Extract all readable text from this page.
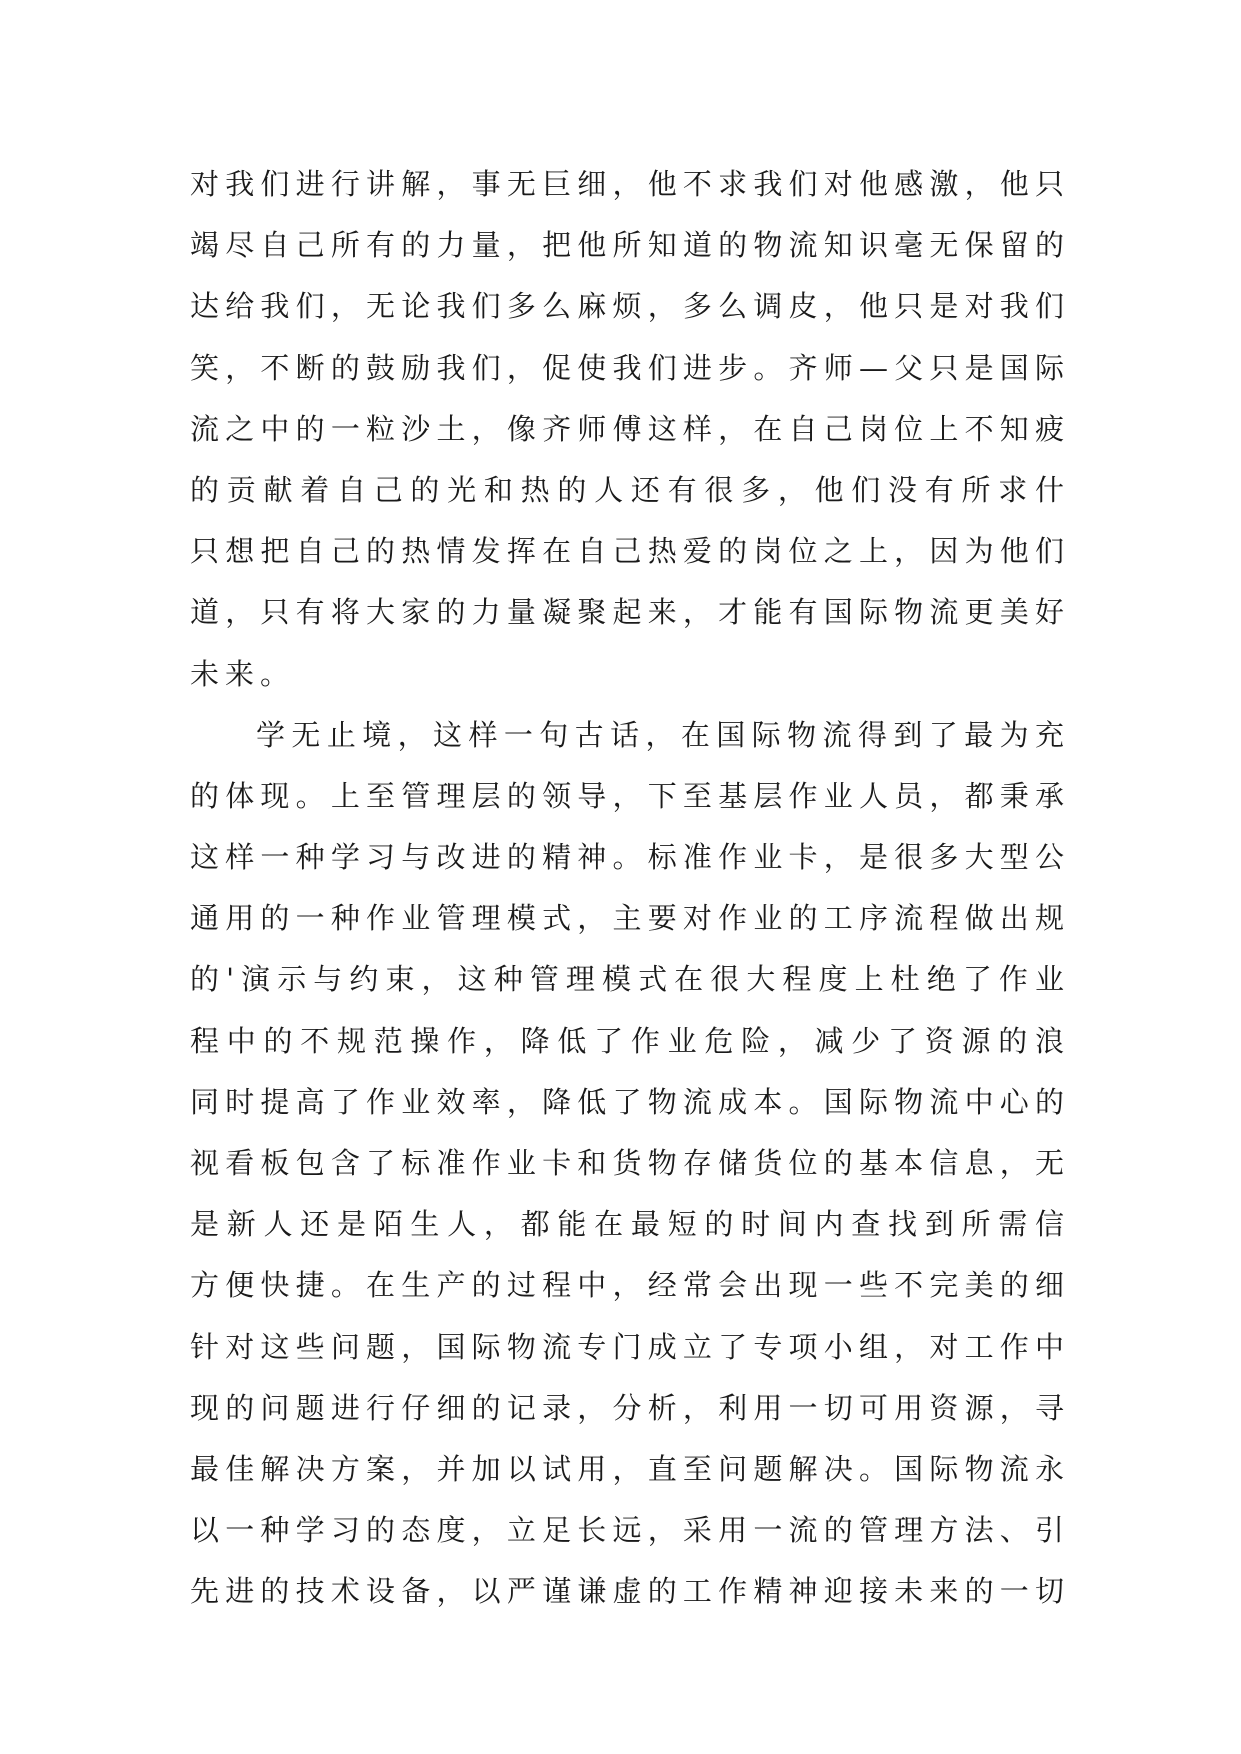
对我们进行讲解，事无巨细，他不求我们对他感激，他只
竭尽自己所有的力量，把他所知道的物流知识毫无保留的
达给我们，无论我们多么麻烦，多么调皮，他只是对我们
笑，不断的鼓励我们，促使我们进步。齐师—父只是国际
流之中的一粒沙土，像齐师傅这样，在自己岗位上不知疲
的贡献着自己的光和热的人还有很多，他们没有所求什
只想把自己的热情发挥在自己热爱的岗位之上，因为他们
道，只有将大家的力量凝聚起来，才能有国际物流更美好
未来。
学无止境，这样一句古话，在国际物流得到了最为充
的体现。上至管理层的领导，下至基层作业人员，都秉承
这样一种学习与改进的精神。标准作业卡，是很多大型公
通用的一种作业管理模式，主要对作业的工序流程做出规
的'演示与约束，这种管理模式在很大程度上杜绝了作业
程中的不规范操作，降低了作业危险，减少了资源的浪
同时提高了作业效率，降低了物流成本。国际物流中心的
视看板包含了标准作业卡和货物存储货位的基本信息，无
是新人还是陌生人，都能在最短的时间内查找到所需信
方便快捷。在生产的过程中，经常会出现一些不完美的细
针对这些问题，国际物流专门成立了专项小组，对工作中
现的问题进行仔细的记录，分析，利用一切可用资源，寻
最佳解决方案，并加以试用，直至问题解决。国际物流永
以一种学习的态度，立足长远，采用一流的管理方法、引
先进的技术设备，以严谨谦虚的工作精神迎接未来的一切
